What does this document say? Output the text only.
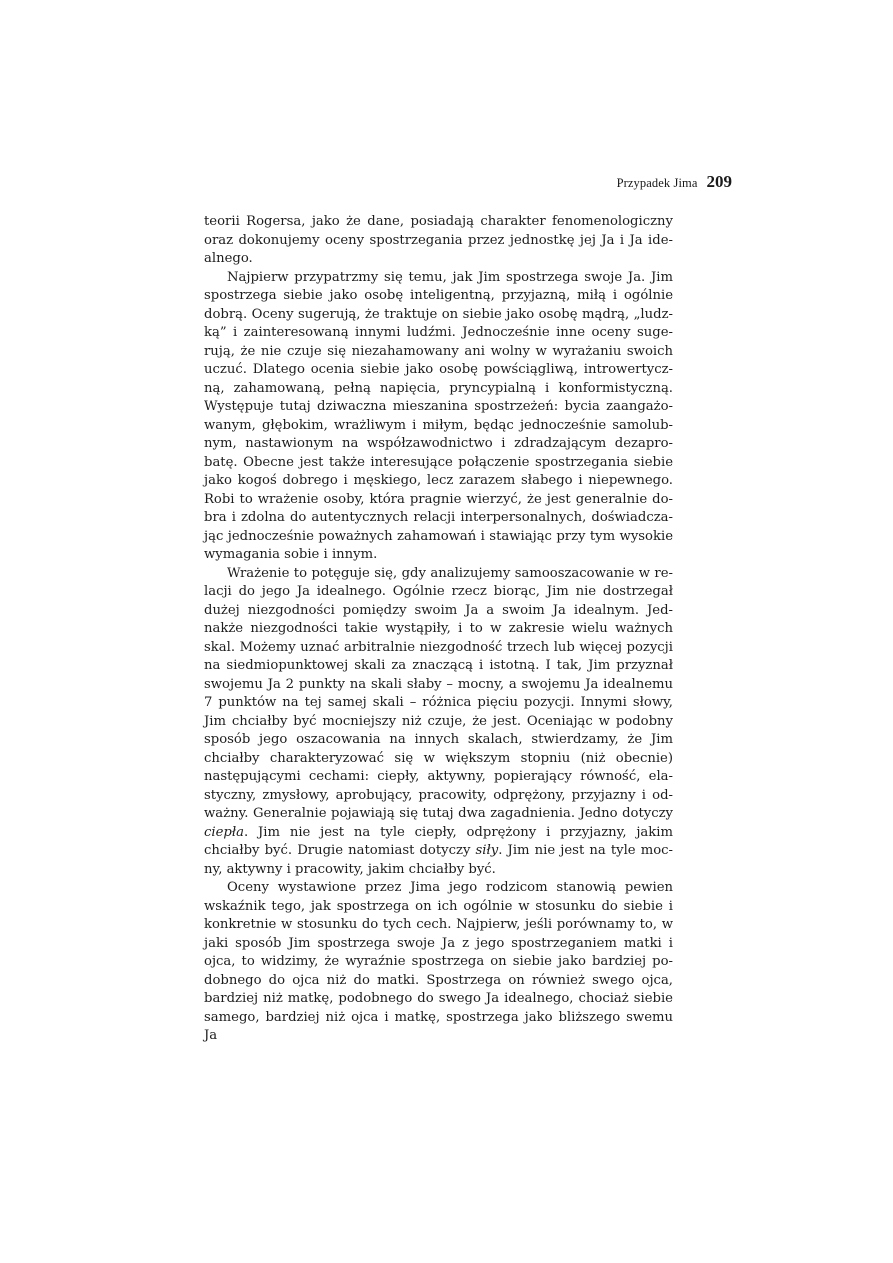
Przypadek Jima 209

teorii Rogersa, jako że dane, posiadają charakter fenomenologiczny oraz dokonujemy oceny spostrzegania przez jednostkę jej Ja i Ja idealnego.

Najpierw przypatrzmy się temu, jak Jim spostrzega swoje Ja. Jim spostrzega siebie jako osobę inteligentną, przyjazną, miłą i ogólnie dobrą. Oceny sugerują, że traktuje on siebie jako osobę mądrą, „ludzką” i zainteresowaną innymi ludźmi. Jednocześnie inne oceny sugerują, że nie czuje się niezahamowany ani wolny w wyrażaniu swoich uczuć. Dlatego ocenia siebie jako osobę powściągliwą, introwertyczną, zahamowaną, pełną napięcia, pryncypialną i konformistyczną. Występuje tutaj dziwaczna mieszanina spostrzeżeń: bycia zaangażowanym, głębokim, wrażliwym i miłym, będąc jednocześnie samolubnym, nastawionym na współzawodnictwo i zdradzającym dezaprobatę. Obecne jest także interesujące połączenie spostrzegania siebie jako kogoś dobrego i męskiego, lecz zarazem słabego i niepewnego. Robi to wrażenie osoby, która pragnie wierzyć, że jest generalnie dobra i zdolna do autentycznych relacji interpersonalnych, doświadczając jednocześnie poważnych zahamowań i stawiając przy tym wysokie wymagania sobie i innym.

Wrażenie to potęguje się, gdy analizujemy samooszacowanie w relacji do jego Ja idealnego. Ogólnie rzecz biorąc, Jim nie dostrzegał dużej niezgodności pomiędzy swoim Ja a swoim Ja idealnym. Jednakże niezgodności takie wystąpiły, i to w zakresie wielu ważnych skal. Możemy uznać arbitralnie niezgodność trzech lub więcej pozycji na siedmiopunktowej skali za znaczącą i istotną. I tak, Jim przyznał swojemu Ja 2 punkty na skali słaby – mocny, a swojemu Ja idealnemu 7 punktów na tej samej skali – różnica pięciu pozycji. Innymi słowy, Jim chciałby być mocniejszy niż czuje, że jest. Oceniając w podobny sposób jego oszacowania na innych skalach, stwierdzamy, że Jim chciałby charakteryzować się w większym stopniu (niż obecnie) następującymi cechami: ciepły, aktywny, popierający równość, elastyczny, zmysłowy, aprobujący, pracowity, odprężony, przyjazny i odważny. Generalnie pojawiają się tutaj dwa zagadnienia. Jedno dotyczy ciepła. Jim nie jest na tyle ciepły, odprężony i przyjazny, jakim chciałby być. Drugie natomiast dotyczy siły. Jim nie jest na tyle mocny, aktywny i pracowity, jakim chciałby być.

Oceny wystawione przez Jima jego rodzicom stanowią pewien wskaźnik tego, jak spostrzega on ich ogólnie w stosunku do siebie i konkretnie w stosunku do tych cech. Najpierw, jeśli porównamy to, w jaki sposób Jim spostrzega swoje Ja z jego spostrzeganiem matki i ojca, to widzimy, że wyraźnie spostrzega on siebie jako bardziej podobnego do ojca niż do matki. Spostrzega on również swego ojca, bardziej niż matkę, podobnego do swego Ja idealnego, chociaż siebie samego, bardziej niż ojca i matkę, spostrzega jako bliższego swemu Ja
